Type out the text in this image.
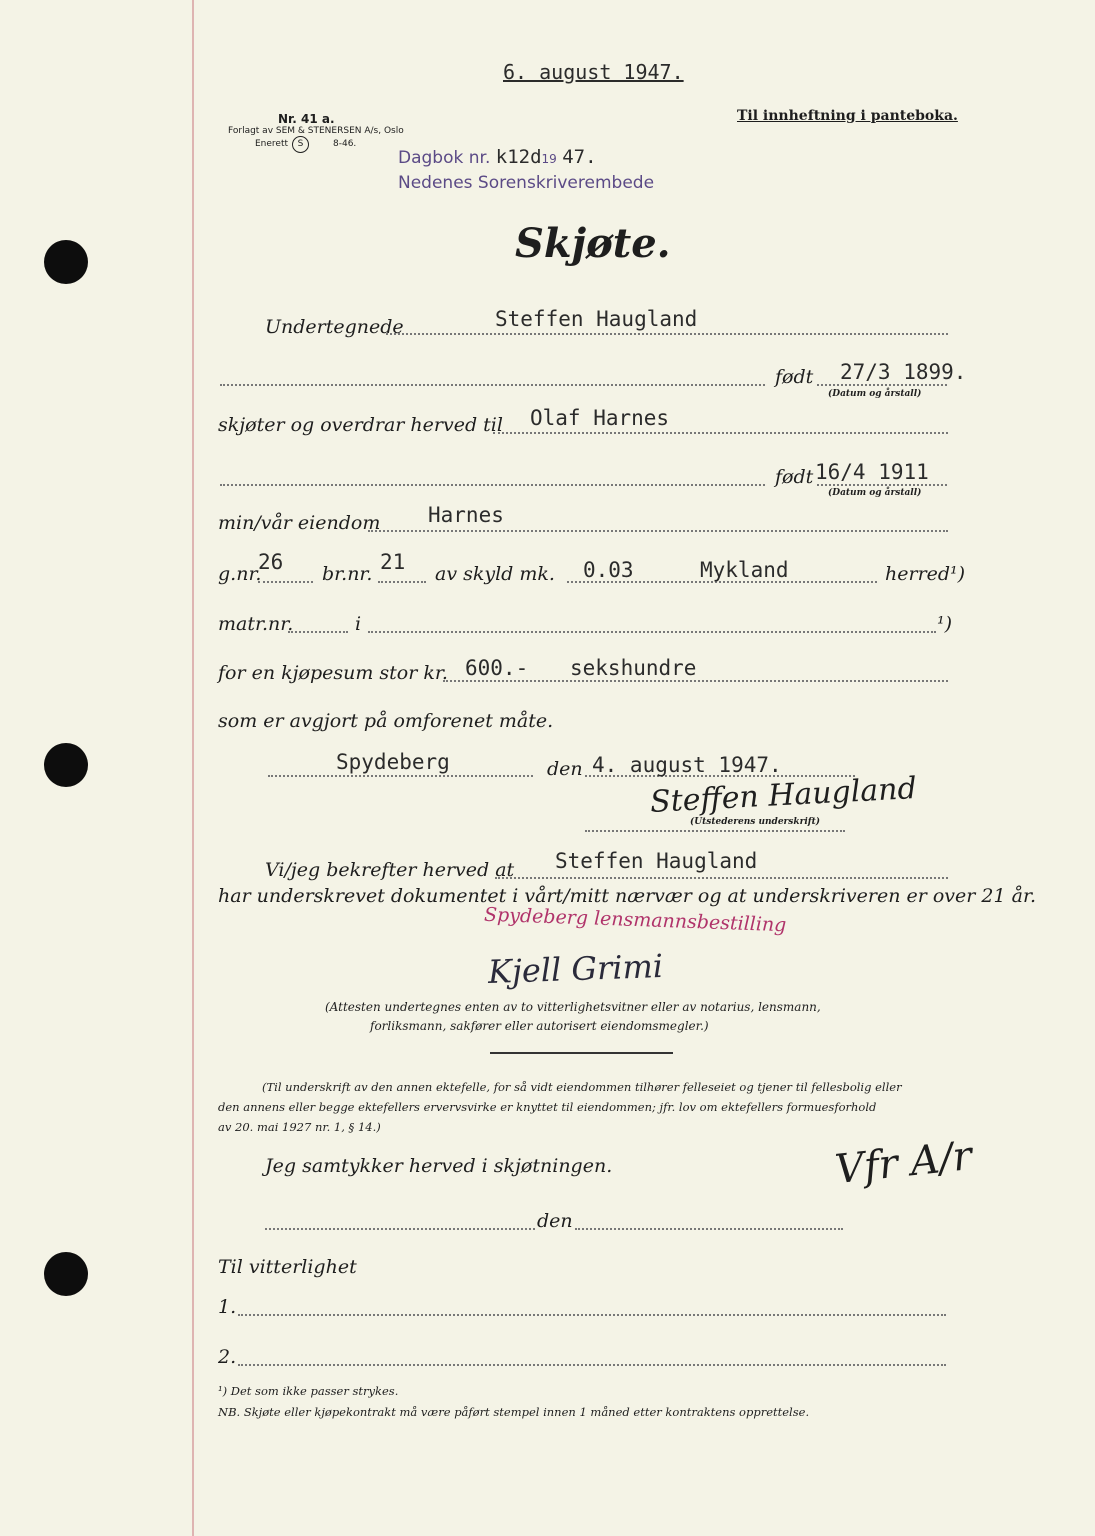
6. august 1947.
Nr. 41 a.
Forlagt av SEM & STENERSEN A/s, Oslo
Enerett	S	8-46.
Til innheftning i panteboka.
Dagbok nr. k12d19 47.
Nedenes Sorenskriverembede
Skjøte.
Undertegnede	Steffen Haugland
født 27/3 1899.
(Datum og årstall)
skjøter og overdrar herved til Olaf Harnes
født 16/4 1911
(Datum og årstall)
min/vår eiendom Harnes
g.nr.
26 br.nr. 21 av skyld mk. 0.03	Mykland	herred¹)
matr.nr.	i	¹)
for en kjøpesum stor kr. 600.- sekshundre
som er avgjort på omforenet måte.
Spydeberg	den 4. august 1947.
Steffen Haugland
(Utstederens underskrift)
Vi/jeg bekrefter herved at Steffen Haugland
har underskrevet dokumentet i vårt/mitt nærvær og at underskriveren er over 21 år.
Spydeberg lensmannsbestilling
Kjell Grimi
(Attesten undertegnes enten av to vitterlighetsvitner eller av notarius, lensmann,
forliksmann, sakfører eller autorisert eiendomsmegler.)
(Til underskrift av den annen ektefelle, for så vidt eiendommen tilhører felleseiet og tjener til fellesbolig eller
den annens eller begge ektefellers ervervsvirke er knyttet til eiendommen; jfr. lov om ektefellers formuesforhold
av 20. mai 1927 nr. 1, § 14.)
Jeg samtykker herved i skjøtningen.
den
Vfr A/r
Til vitterlighet
1.
2.
¹) Det som ikke passer strykes.
NB. Skjøte eller kjøpekontrakt må være påført stempel innen 1 måned etter kontraktens opprettelse.
